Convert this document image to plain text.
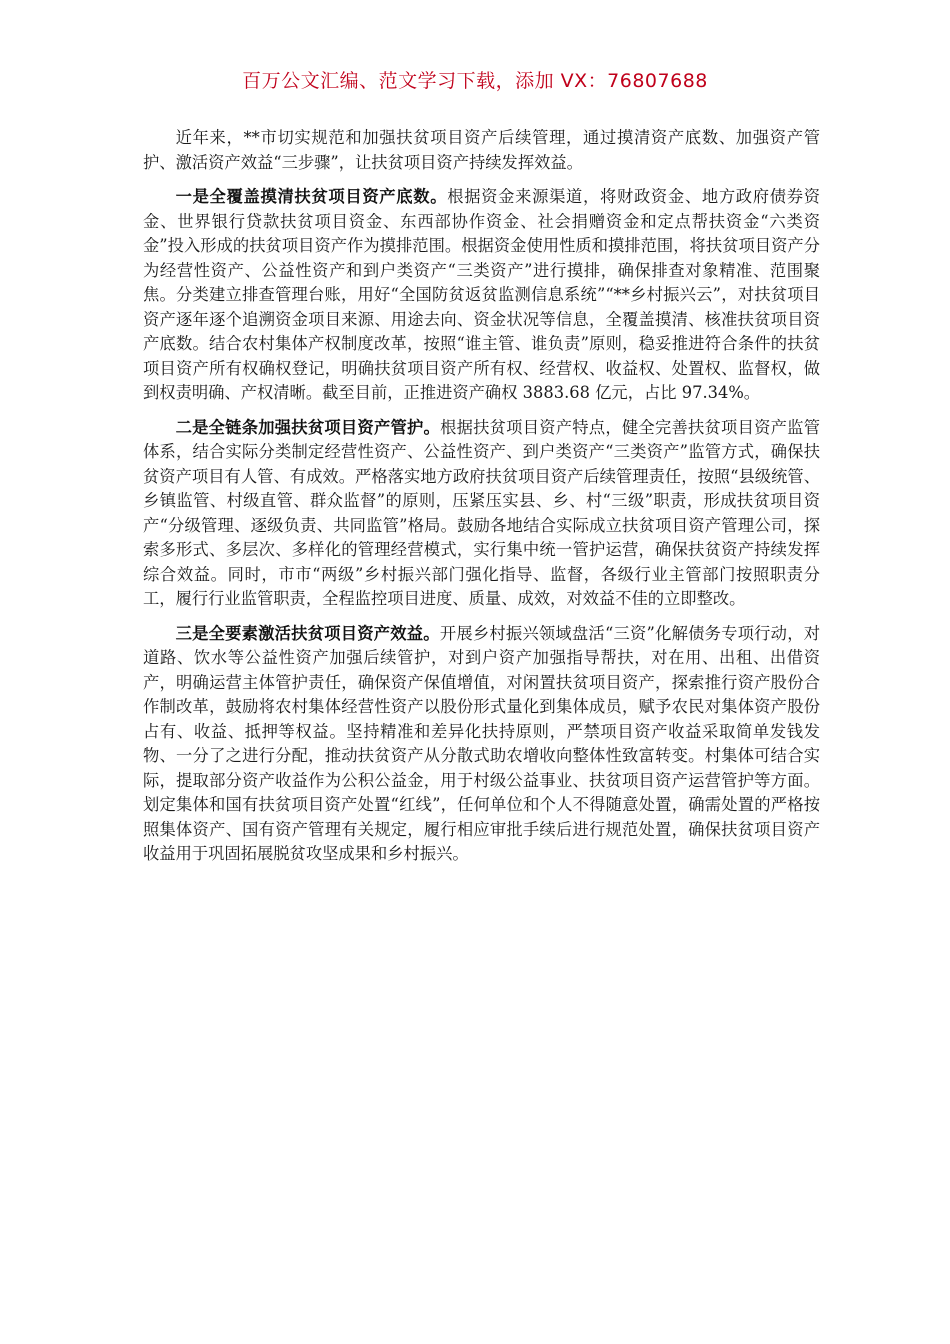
百万公文汇编、范文学习下载，添加 VX：76807688

近年来，**市切实规范和加强扶贫项目资产后续管理，通过摸清资产底数、加强资产管护、激活资产效益“三步骤”，让扶贫项目资产持续发挥效益。

一是全覆盖摸清扶贫项目资产底数。根据资金来源渠道，将财政资金、地方政府债券资金、世界银行贷款扶贫项目资金、东西部协作资金、社会捐赠资金和定点帮扶资金“六类资金”投入形成的扶贫项目资产作为摸排范围。根据资金使用性质和摸排范围，将扶贫项目资产分为经营性资产、公益性资产和到户类资产“三类资产”进行摸排，确保排查对象精准、范围聚焦。分类建立排查管理台账，用好“全国防贫返贫监测信息系统”“**乡村振兴云”，对扶贫项目资产逐年逐个追溯资金项目来源、用途去向、资金状况等信息，全覆盖摸清、核准扶贫项目资产底数。结合农村集体产权制度改革，按照“谁主管、谁负责”原则，稳妥推进符合条件的扶贫项目资产所有权确权登记，明确扶贫项目资产所有权、经营权、收益权、处置权、监督权，做到权责明确、产权清晰。截至目前，正推进资产确权 3883.68 亿元，占比 97.34%。

二是全链条加强扶贫项目资产管护。根据扶贫项目资产特点，健全完善扶贫项目资产监管体系，结合实际分类制定经营性资产、公益性资产、到户类资产“三类资产”监管方式，确保扶贫资产项目有人管、有成效。严格落实地方政府扶贫项目资产后续管理责任，按照“县级统管、乡镇监管、村级直管、群众监督”的原则，压紧压实县、乡、村“三级”职责，形成扶贫项目资产“分级管理、逐级负责、共同监管”格局。鼓励各地结合实际成立扶贫项目资产管理公司，探索多形式、多层次、多样化的管理经营模式，实行集中统一管护运营，确保扶贫资产持续发挥综合效益。同时，市市“两级”乡村振兴部门强化指导、监督，各级行业主管部门按照职责分工，履行行业监管职责，全程监控项目进度、质量、成效，对效益不佳的立即整改。

三是全要素激活扶贫项目资产效益。开展乡村振兴领域盘活“三资”化解债务专项行动，对道路、饮水等公益性资产加强后续管护，对到户资产加强指导帮扶，对在用、出租、出借资产，明确运营主体管护责任，确保资产保值增值，对闲置扶贫项目资产，探索推行资产股份合作制改革，鼓励将农村集体经营性资产以股份形式量化到集体成员，赋予农民对集体资产股份占有、收益、抵押等权益。坚持精准和差异化扶持原则，严禁项目资产收益采取简单发钱发物、一分了之进行分配，推动扶贫资产从分散式助农增收向整体性致富转变。村集体可结合实际，提取部分资产收益作为公积公益金，用于村级公益事业、扶贫项目资产运营管护等方面。划定集体和国有扶贫项目资产处置“红线”，任何单位和个人不得随意处置，确需处置的严格按照集体资产、国有资产管理有关规定，履行相应审批手续后进行规范处置，确保扶贫项目资产收益用于巩固拓展脱贫攻坚成果和乡村振兴。
